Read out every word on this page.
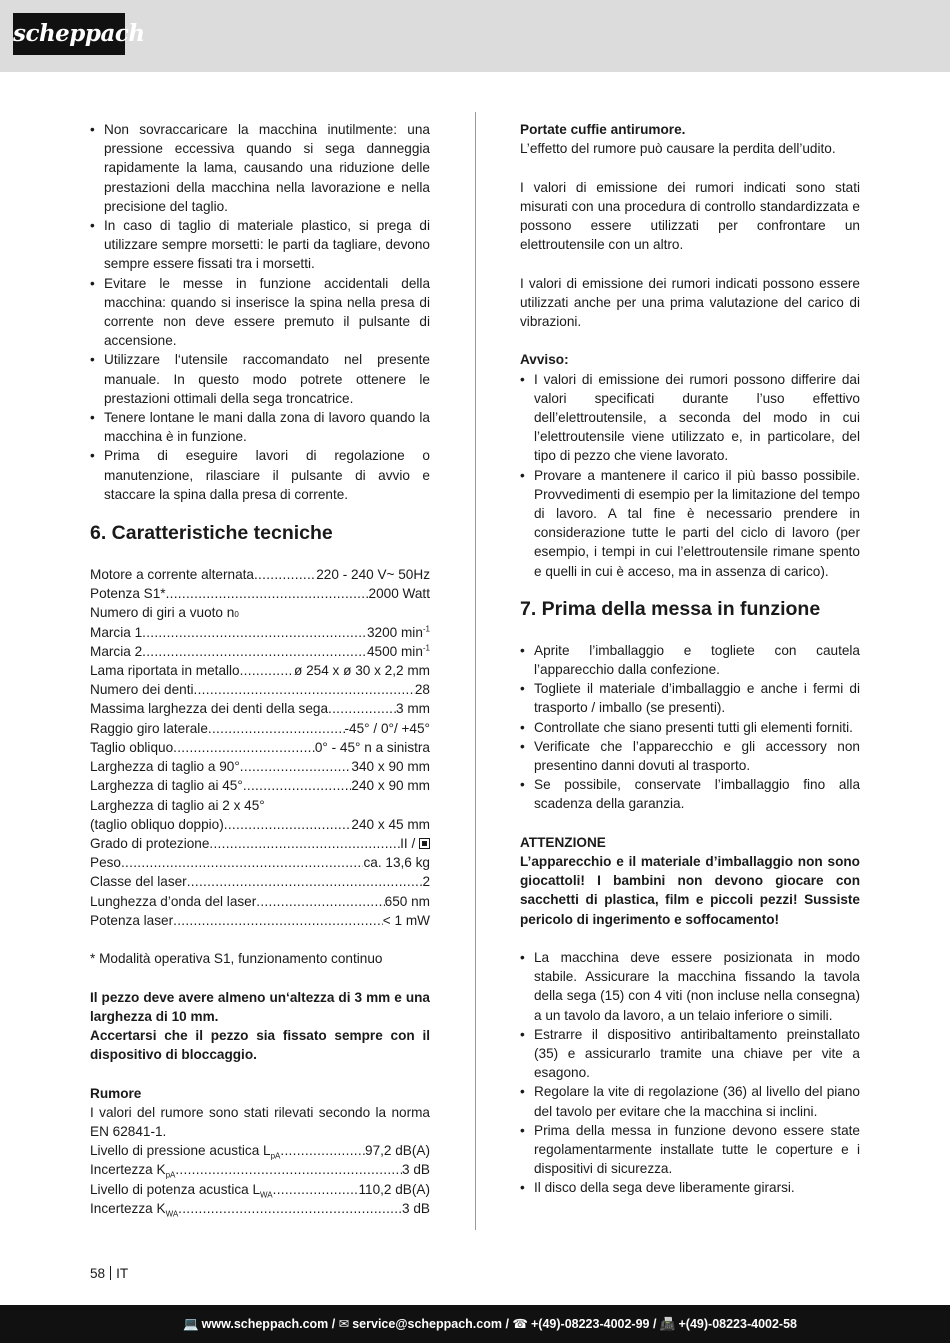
scheppach
• Non sovraccaricare la macchina inutilmente: una pressione eccessiva quando si sega danneggia rapidamente la lama, causando una riduzione delle prestazioni della macchina nella lavorazione e nella precisione del taglio.
• In caso di taglio di materiale plastico, si prega di utilizzare sempre morsetti: le parti da tagliare, devono sempre essere fissati tra i morsetti.
• Evitare le messe in funzione accidentali della macchina: quando si inserisce la spina nella presa di corrente non deve essere premuto il pulsante di accensione.
• Utilizzare l‘utensile raccomandato nel presente manuale. In questo modo potrete ottenere le prestazioni ottimali della sega troncatrice.
• Tenere lontane le mani dalla zona di lavoro quando la macchina è in funzione.
• Prima di eseguire lavori di regolazione o manutenzione, rilasciare il pulsante di avvio e staccare la spina dalla presa di corrente.

6. Caratteristiche tecniche

Motore a corrente alternata .....	220 - 240 V~ 50Hz
Potenza S1* .....	2000 Watt
Numero di giri a vuoto n 0
Marcia 1 .....	3200 $\min^{-1}$
Marcia 2 .....	4500 $\min^{-1}$
Lama riportata in metallo .....	ø 254 x ø 30 x 2,2 mm
Numero dei denti .....	28
Massima larghezza dei denti della sega .....	3 mm
Raggio giro laterale .....	-45° / 0°/ +45°
Taglio obliquo .....	0° - 45° n a sinistra
Larghezza di taglio a 90° .....	340 x 90 mm
Larghezza di taglio ai 45° .....	240 x 90 mm
Larghezza di taglio ai 2 x 45°
(taglio obliquo doppio) .....	240 x 45 mm
Grado di protezione .....	II /
Peso .....	ca. 13,6 kg
Classe del laser .....	2
Lunghezza d’onda del laser .....	650 nm
Potenza laser .....	< 1 mW

* Modalità operativa S1, funzionamento continuo

Il pezzo deve avere almeno un‘altezza di 3 mm e una larghezza di 10 mm.

Accertarsi che il pezzo sia fissato sempre con il dispositivo di bloccaggio.

Rumore

I valori del rumore sono stati rilevati secondo la norma EN 62841-1.

Livello di pressione acustica $L_{pA}$ .....	97,2 dB(A)
Incertezza $K_{pA}$ .....	3 dB
Livello di potenza acustica $L_{WA}$ .....	110,2 dB(A)
Incertezza $K_{WA}$ .....	3 dB

Portate cuffie antirumore.

L’effetto del rumore può causare la perdita dell’udito.

I valori di emissione dei rumori indicati sono stati misurati con una procedura di controllo standardizzata e possono essere utilizzati per confrontare un elettroutensile con un altro.

I valori di emissione dei rumori indicati possono essere utilizzati anche per una prima valutazione del carico di vibrazioni.

Avviso:

• I valori di emissione dei rumori possono differire dai valori specificati durante l’uso effettivo dell’elettroutensile, a seconda del modo in cui l’elettroutensile viene utilizzato e, in particolare, del tipo di pezzo che viene lavorato.
• Provare a mantenere il carico il più basso possibile. Provvedimenti di esempio per la limitazione del tempo di lavoro. A tal fine è necessario prendere in considerazione tutte le parti del ciclo di lavoro (per esempio, i tempi in cui l’elettroutensile rimane spento e quelli in cui è acceso, ma in assenza di carico).

7. Prima della messa in funzione

• Aprite l’imballaggio e togliete con cautela l’apparecchio dalla confezione.
• Togliete il materiale d’imballaggio e anche i fermi di trasporto / imballo (se presenti).
• Controllate che siano presenti tutti gli elementi forniti.
• Verificate che l’apparecchio e gli accessory non presentino danni dovuti al trasporto.
• Se possibile, conservate l’imballaggio fino alla scadenza della garanzia.

ATTENZIONE

L’apparecchio e il materiale d’imballaggio non sono giocattoli! I bambini non devono giocare con sacchetti di plastica, film e piccoli pezzi! Sussiste pericolo di ingerimento e soffocamento!

• La macchina deve essere posizionata in modo stabile. Assicurare la macchina fissando la tavola della sega (15) con 4 viti (non incluse nella consegna) a un tavolo da lavoro, a un telaio inferiore o simili.
• Estrarre il dispositivo antiribaltamento preinstallato (35) e assicurarlo tramite una chiave per vite a esagono.
• Regolare la vite di regolazione (36) al livello del piano del tavolo per evitare che la macchina si inclini.
• Prima della messa in funzione devono essere state regolamentarmente installate tutte le coperture e i dispositivi di sicurezza.
• Il disco della sega deve liberamente girarsi.
58 IT
💻 www.scheppach.com / ✉ service@scheppach.com / ☎ +(49)-08223-4002-99 / 📠 +(49)-08223-4002-58
